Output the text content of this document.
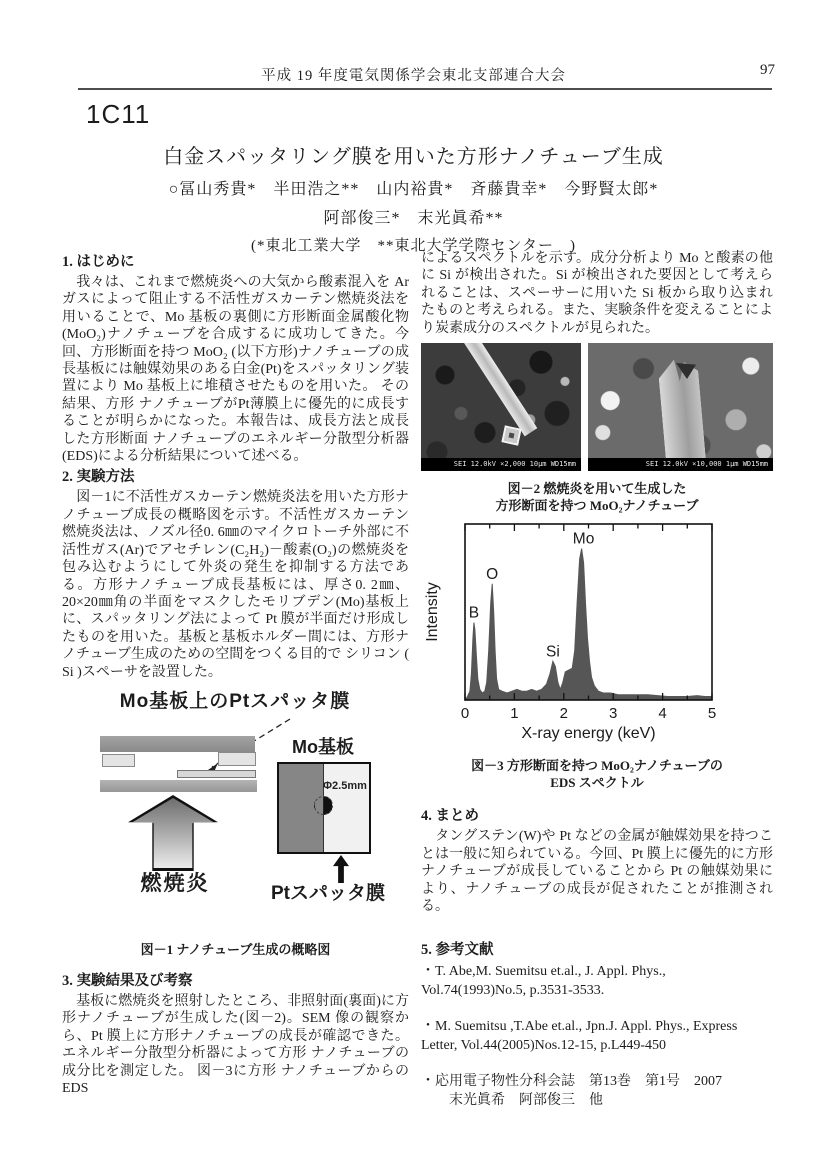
平成 19 年度電気関係学会東北支部連合大会	97
1C11
白金スパッタリング膜を用いた方形ナノチューブ生成
○冨山秀貴*　半田浩之**　山内裕貴*　斉藤貴幸*　今野賢太郎*
阿部俊三*　末光眞希**
(*東北工業大学　**東北大学学際センター　)
1. はじめに

　我々は、これまで燃焼炎への大気から酸素混入を Ar ガスによって阻止する不活性ガスカーテン燃焼炎法を用いることで、Mo 基板の裏側に方形断面金属酸化物(MoO₂)ナノチューブを合成するに成功してきた。今回、方形断面を持つ MoO₂ (以下方形)ナノチューブの成長基板には触媒効果のある白金(Pt)をスパッタリング装置により Mo 基板上に堆積させたものを用いた。 その結果、方形 ナノチューブがPt薄膜上に優先的に成長することが明らかになった。本報告は、成長方法と成長した方形断面 ナノチューブのエネルギー分散型分析器(EDS)による分析結果について述べる。

2. 実験方法

　図－1に不活性ガスカーテン燃焼炎法を用いた方形ナノチューブ成長の概略図を示す。不活性ガスカーテン燃焼炎法は、ノズル径0. 6㎜のマイクロトーチ外部に不活性ガス(Ar)でアセチレン(C₂H₂)－酸素(O₂)の燃焼炎を包み込むようにして外炎の発生を抑制する方法である。方形ナノチューブ成長基板には、厚さ0. 2㎜、20×20㎜角の半面をマスクしたモリブデン(Mo)基板上に、スパッタリング法によって Pt 膜が半面だけ形成したものを用いた。基板と基板ホルダー間には、方形ナノチューブ生成のための空間をつくる目的で シリコン ( Si )スペーサを設置した。

Mo基板上のPtスパッタ膜
燃焼炎
Mo基板
Φ2.5mm
Ptスパッタ膜
図－1 ナノチューブ生成の概略図
3. 実験結果及び考察

　基板に燃焼炎を照射したところ、非照射面(裏面)に方形ナノチューブが生成した(図－2)。SEM 像の観察から、Pt 膜上に方形ナノチューブの成長が確認できた。エネルギー分散型分析器によって方形 ナノチューブの成分比を測定した。 図－3に方形 ナノチューブからの EDS

によるスペクトルを示す。成分分析より Mo と酸素の他に Si が検出された。Si が検出された要因として考えられることは、スペーサーに用いた Si 板から取り込まれたものと考えられる。また、実験条件を変えることにより炭素成分のスペクトルが見られた。

SEI 12.0kV ×2,000 10μm WD15mm	SEI 12.0kV ×10,000 1μm WD15mm
図－2 燃焼炎を用いて生成した
方形断面を持つ MoO₂ナノチューブ
0	1	2	3	4	5
B
O
Si
Mo
X-ray energy (keV)
Intensity
図－3 方形断面を持つ MoO₂ナノチューブの
EDS スペクトル
4. まとめ

　タングステン(W)や Pt などの金属が触媒効果を持つことは一般に知られている。今回、Pt 膜上に優先的に方形ナノチューブが成長していることから Pt の触媒効果により、ナノチューブの成長が促されたことが推測される。

5. 参考文献
・T. Abe,M. Suemitsu et.al., J. Appl. Phys.,
Vol.74(1993)No.5, p.3531-3533.
・M. Suemitsu ,T.Abe et.al., Jpn.J. Appl. Phys., Express
Letter, Vol.44(2005)Nos.12-15, p.L449-450
・応用電子物性分科会誌　第13巻　第1号　2007
　　末光眞希　阿部俊三　他
